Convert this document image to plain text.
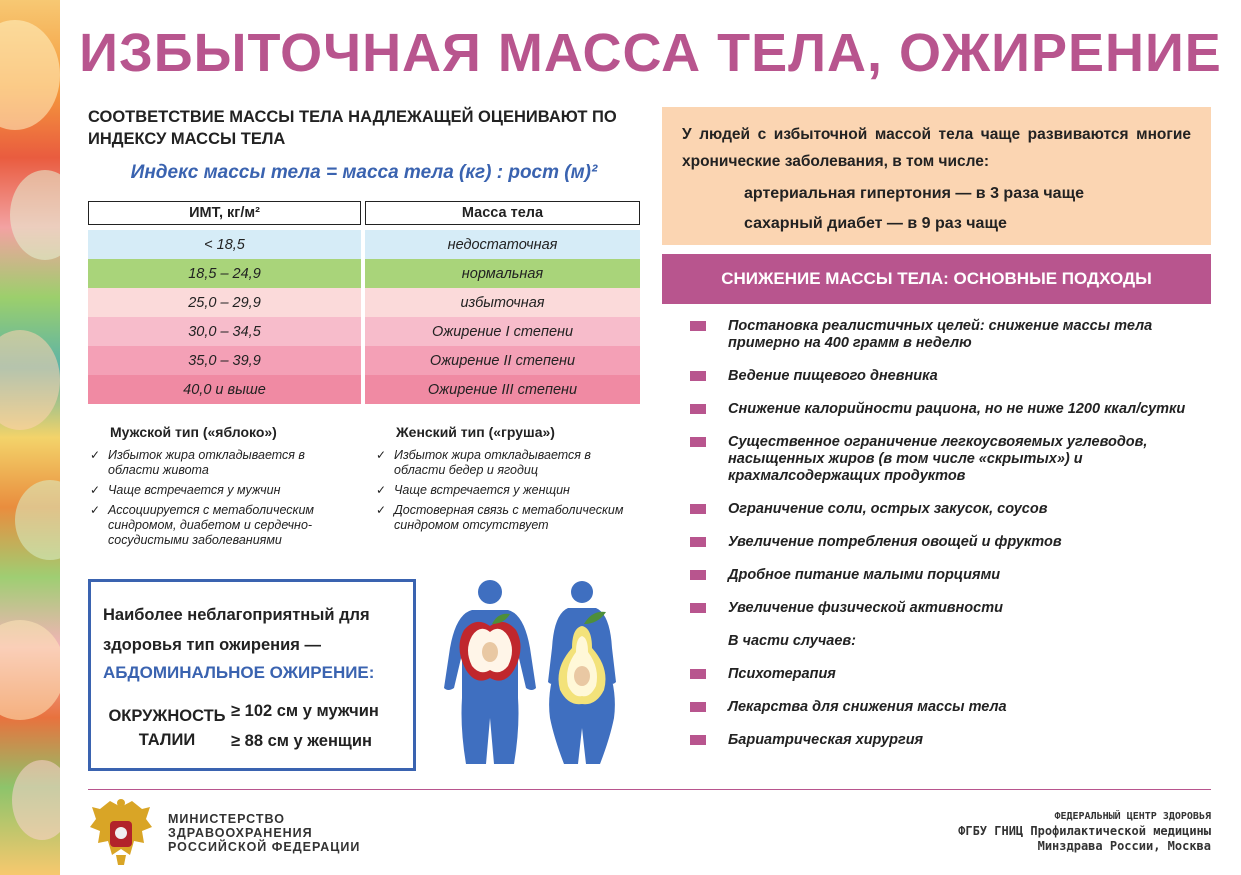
ИЗБЫТОЧНАЯ МАССА ТЕЛА, ОЖИРЕНИЕ
СООТВЕТСТВИЕ МАССЫ ТЕЛА НАДЛЕЖАЩЕЙ ОЦЕНИВАЮТ ПО ИНДЕКСУ МАССЫ ТЕЛА
Индекс массы тела = масса тела (кг) : рост (м)²
ИМТ, кг/м²	Масса тела
< 18,5	недостаточная
18,5 – 24,9	нормальная
25,0 – 29,9	избыточная
30,0 – 34,5	Ожирение I степени
35,0 – 39,9	Ожирение II степени
40,0 и выше	Ожирение III степени
Мужской тип («яблоко»)
✓ Избыток жира откладывается в области живота
✓ Чаще встречается у мужчин
✓ Ассоциируется с метаболическим синдромом, диабетом и сердечно-сосудистыми заболеваниями
Женский тип («груша»)
✓ Избыток жира откладывается в области бедер и ягодиц
✓ Чаще встречается у женщин
✓ Достоверная связь с метаболическим синдромом отсутствует
Наиболее неблагоприятный для здоровья тип ожирения —
АБДОМИНАЛЬНОЕ ОЖИРЕНИЕ:
ОКРУЖНОСТЬ ТАЛИИ
≥ 102 см у мужчин
≥ 88 см у женщин
У людей с избыточной массой тела чаще развиваются многие хронические заболевания, в том числе:
артериальная гипертония — в 3 раза чаще
сахарный диабет — в 9 раз чаще
СНИЖЕНИЕ МАССЫ ТЕЛА: ОСНОВНЫЕ ПОДХОДЫ
Постановка реалистичных целей: снижение массы тела примерно на 400 грамм в неделю
Ведение пищевого дневника
Снижение калорийности рациона, но не ниже 1200 ккал/сутки
Существенное ограничение легкоусвояемых углеводов, насыщенных жиров (в том числе «скрытых») и крахмалсодержащих продуктов
Ограничение соли, острых закусок, соусов
Увеличение потребления овощей и фруктов
Дробное питание малыми порциями
Увеличение физической активности
В части случаев:
Психотерапия
Лекарства для снижения массы тела
Бариатрическая хирургия
МИНИСТЕРСТВО
ЗДРАВООХРАНЕНИЯ
РОССИЙСКОЙ ФЕДЕРАЦИИ
ФЕДЕРАЛЬНЫЙ ЦЕНТР ЗДОРОВЬЯ
ФГБУ ГНИЦ Профилактической медицины
Минздрава России, Москва
